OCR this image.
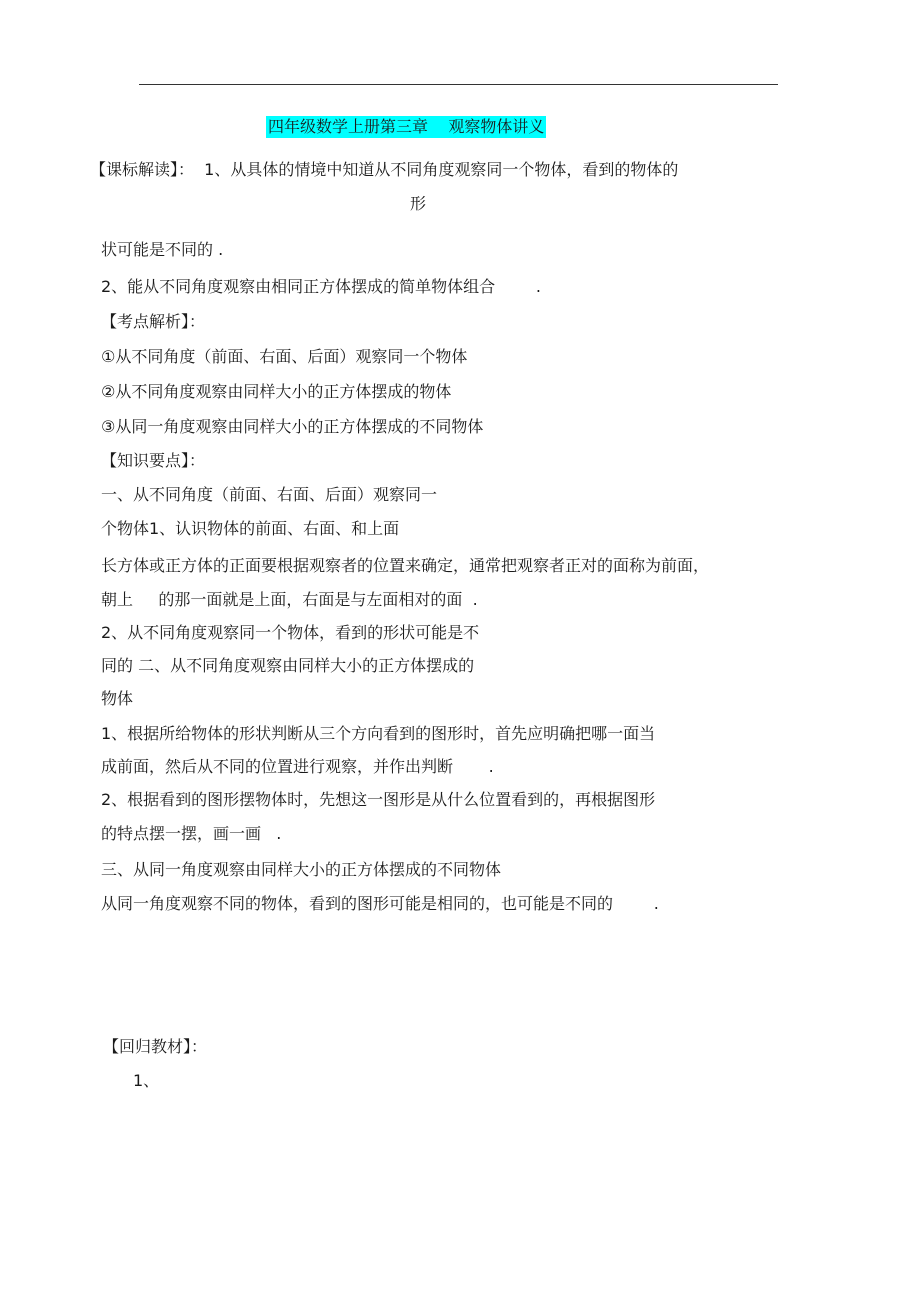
四年级数学上册第三章    观察物体讲义
【课标解读】：  1、从具体的情境中知道从不同角度观察同一个物体，看到的物体的
形
状可能是不同的 .
2、能从不同角度观察由相同正方体摆成的简单物体组合        .
【考点解析】：
①从不同角度（前面、右面、后面）观察同一个物体
②从不同角度观察由同样大小的正方体摆成的物体
③从同一角度观察由同样大小的正方体摆成的不同物体
【知识要点】：
一、从不同角度（前面、右面、后面）观察同一
个物体1、认识物体的前面、右面、和上面
长方体或正方体的正面要根据观察者的位置来确定，通常把观察者正对的面称为前面，
朝上     的那一面就是上面，右面是与左面相对的面  .
2、从不同角度观察同一个物体，看到的形状可能是不
同的 二、从不同角度观察由同样大小的正方体摆成的
物体
1、根据所给物体的形状判断从三个方向看到的图形时，首先应明确把哪一面当
成前面，然后从不同的位置进行观察，并作出判断       .
2、根据看到的图形摆物体时，先想这一图形是从什么位置看到的，再根据图形
的特点摆一摆，画一画   .
三、从同一角度观察由同样大小的正方体摆成的不同物体
从同一角度观察不同的物体，看到的图形可能是相同的，也可能是不同的        .
【回归教材】：
1、
